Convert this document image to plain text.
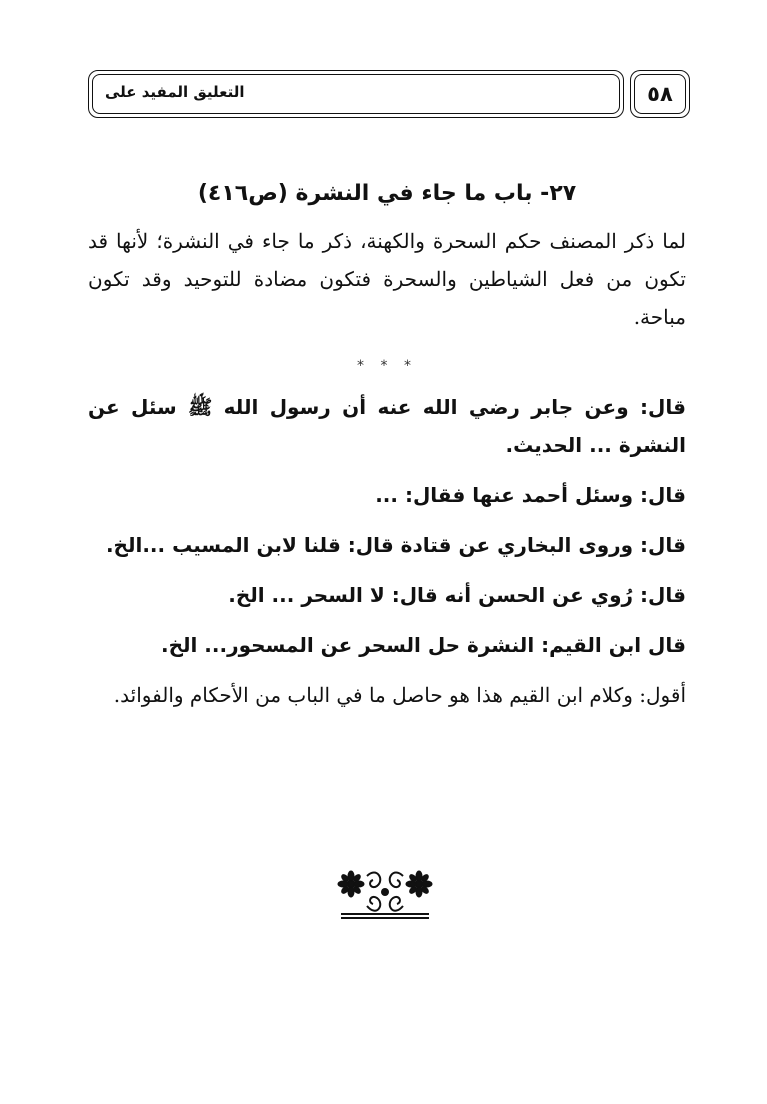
التعليق المفيد على	٥٨
٢٧- باب ما جاء في النشرة (ص٤١٦)

لما ذكر المصنف حكم السحرة والكهنة، ذكر ما جاء في النشرة؛ لأنها قد تكون من فعل الشياطين والسحرة فتكون مضادة للتوحيد وقد تكون مباحة.

* * *

قال: وعن جابر رضي الله عنه أن رسول الله ﷺ سئل عن النشرة ... الحديث.

قال: وسئل أحمد عنها فقال: ...

قال: وروى البخاري عن قتادة قال: قلنا لابن المسيب ...الخ.

قال: رُوي عن الحسن أنه قال: لا السحر ... الخ.

قال ابن القيم: النشرة حل السحر عن المسحور... الخ.

أقول: وكلام ابن القيم هذا هو حاصل ما في الباب من الأحكام والفوائد.
